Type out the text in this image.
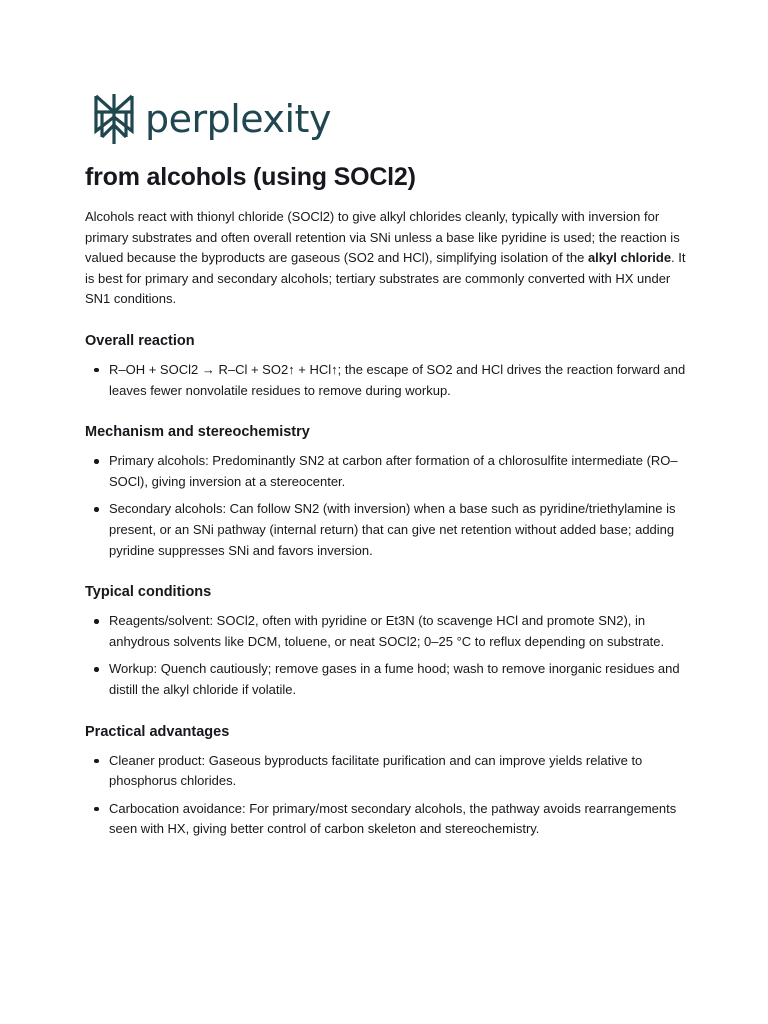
perplexity
from alcohols (using SOCl2)

Alcohols react with thionyl chloride (SOCl2) to give alkyl chlorides cleanly, typically with inversion for primary substrates and often overall retention via SNi unless a base like pyridine is used; the reaction is valued because the byproducts are gaseous (SO2 and HCl), simplifying isolation of the alkyl chloride. It is best for primary and secondary alcohols; tertiary substrates are commonly converted with HX under SN1 conditions.

Overall reaction
R–OH + SOCl2 → R–Cl + SO2↑ + HCl↑; the escape of SO2 and HCl drives the reaction forward and leaves fewer nonvolatile residues to remove during workup.
Mechanism and stereochemistry
Primary alcohols: Predominantly SN2 at carbon after formation of a chlorosulfite intermediate (RO–SOCl), giving inversion at a stereocenter.
Secondary alcohols: Can follow SN2 (with inversion) when a base such as pyridine/triethylamine is present, or an SNi pathway (internal return) that can give net retention without added base; adding pyridine suppresses SNi and favors inversion.
Typical conditions
Reagents/solvent: SOCl2, often with pyridine or Et3N (to scavenge HCl and promote SN2), in anhydrous solvents like DCM, toluene, or neat SOCl2; 0–25 °C to reflux depending on substrate.
Workup: Quench cautiously; remove gases in a fume hood; wash to remove inorganic residues and distill the alkyl chloride if volatile.
Practical advantages
Cleaner product: Gaseous byproducts facilitate purification and can improve yields relative to phosphorus chlorides.
Carbocation avoidance: For primary/most secondary alcohols, the pathway avoids rearrangements seen with HX, giving better control of carbon skeleton and stereochemistry.
